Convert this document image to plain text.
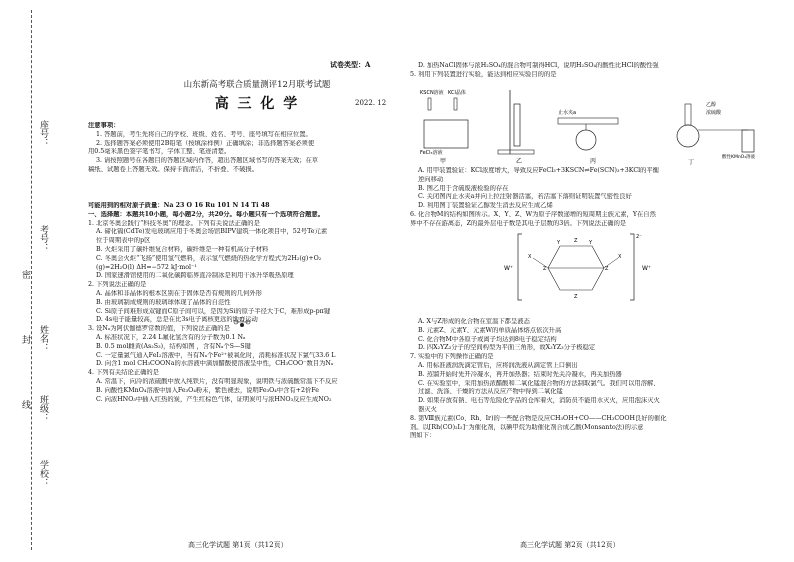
座号：
考号：
姓名：
班级：
学校：
密
封
线
试卷类型：A
山东新高考联合质量测评12月联考试题
高 三 化 学	2022. 12

注意事项：

1. 答题前，考生先将自己的学校、班级、姓名、考号、座号填写在相应位置。

2. 选择题答案必须使用2B铅笔（按填涂样例）正确填涂；非选择题答案必须使

用0.5毫米黑色签字笔书写，字体工整、笔迹清楚。

3. 请按照题号在各题目的答题区域内作答，超出答题区域书写的答案无效；在草

稿纸、试题卷上答题无效。保持卡面清洁，不折叠、不破损。

可能用到的相对原子质量：Na 23 O 16 Ru 101 N 14 Ti 48

一、选择题：本题共10小题，每小题2分，共20分。每小题只有一个选项符合题意。

1. 北京冬奥会践行“科技冬奥”的理念。下列有关说法正确的是

A. 碲化镉(CdTe)发电玻璃应用于冬奥会场馆BIPV建筑一体化项目中，52号Te元素

位于周期表中的p区

B. 火炬采用了碳纤维复合材料，碳纤维是一种有机高分子材料

C. 冬奥会火炬“飞扬”使用氢气燃料，表示氢气燃烧的热化学方程式为2H₂(g)+O₂

(g)=2H₂O(l) ΔH=−572 kJ·mol⁻¹

D. 国家速滑馆使用的二氧化碳跨临界直冷制冰是利用干冰升华吸热原理

2. 下列说法正确的是

A. 晶体和非晶体的根本区别在于固体是否有规则的几何外形

B. 由玻璃制成规则的玻璃球体现了晶体的自范性

C. Si原子间难形成双键而C原子间可以，是因为Si的原子半径大于C，难形成p-pπ键

D. 4s电子能量较高，总是在比3s电子离核更远的地方运动

3. 设Nₐ为阿伏伽德罗常数的值，下列说法正确的是

A. 标准状况下，2.24 L氟化氢含有的分子数为0.1 Nₐ

B. 0.5 mol雌黄(As₂S₃)，结构如图 ，含有Nₐ个S—S键

C. 一定量氯气通入FeI₂溶液中，当有Nₐ个Fe²⁺被氧化时，消耗标准状况下氯气33.6 L

D. 向含1 mol CH₃COONa的水溶液中滴加醋酸使溶液呈中性，CH₃COO⁻数目为Nₐ

4. 下列有关结论正确的是

A. 常温下，向冷的浓硫酸中放入纯铁片，没有明显现象，说明铁与浓硫酸常温下不反应

B. 向酸性KMnO₄溶液中加入Fe₃O₄粉末，紫色褪去，说明Fe₃O₄中含有+2价Fe

C. 向浓HNO₃中插入红热的炭，产生红棕色气体，证明炭可与浓HNO₃反应生成NO₂

高三化学试题 第1页（共12页）

D. 加热NaCl固体与浓H₂SO₄的混合物可制得HCl，说明H₂SO₄的酸性比HCl的酸性强

5. 利用下列装置进行实验，能达到相应实验目的的是

KSCN溶液 KCl晶体
FeCl₃溶液
甲	乙
止水夹a
丙
乙醇
浓硫酸
酸性KMnO₄溶液
丁

A. 用甲装置验证：KCl浓度增大，导致反应FeCl₃+3KSCN⇌Fe(SCN)₃+3KCl的平衡

逆向移动

B. 图乙用于含硫废液检验的存在

C. 关闭图丙止水夹a并向上拉注射器活塞，若活塞下落则证明装置气密性良好

D. 利用图丁装置验证乙醇发生消去反应生成乙烯

6. 化合物M的结构如图所示。X、Y、Z、W为原子序数递增的短周期主族元素，Y在自然

界中不存在游离态，Z的最外层电子数是其电子层数的3倍。下列说法正确的是

W⁺
2⁻
W⁺
Y	Y
Z
Z	Z
Z
X	X

A. X与Z形成的化合物在室温下都呈液态

B. 元素Z、元素Y、元素W的单质晶体熔点依次升高

C. 化合物M中各原子或离子均达到8电子稳定结构

D. 四X₂YZ₃分子的空间构型为平面三角形，故X₃YZ₃分子极稳定

7. 实验中的下列操作正确的是

A. 用标准液润洗滴定管后，应将润洗液从滴定管上口倒出

B. 蒸馏开始时先开冷凝水，再开加热器；结束时先关冷凝水，再关加热器

C. 在实验室中，采用加热浓醋酸和二氧化锰混合物的方法制取氯气。我们可以用溶解、

过滤、洗涤、干燥的方法从反应产物中得到二氧化锰

D. 如果存放有钠、电石等危险化学品的仓库着火，消防员不能用水灭火，应用泡沫灭火

器灭火

8. 第Ⅷ族元素(Co、Rh、Ir)的一些配合物是反应CH₃OH+CO——CH₃COOH良好的催化

剂。以[Rh(CO)₂I₂]⁻为催化剂，以碘甲烷为助催化剂合成乙酸(Monsanto法)的示意

图如下：

高三化学试题 第2页（共12页）
